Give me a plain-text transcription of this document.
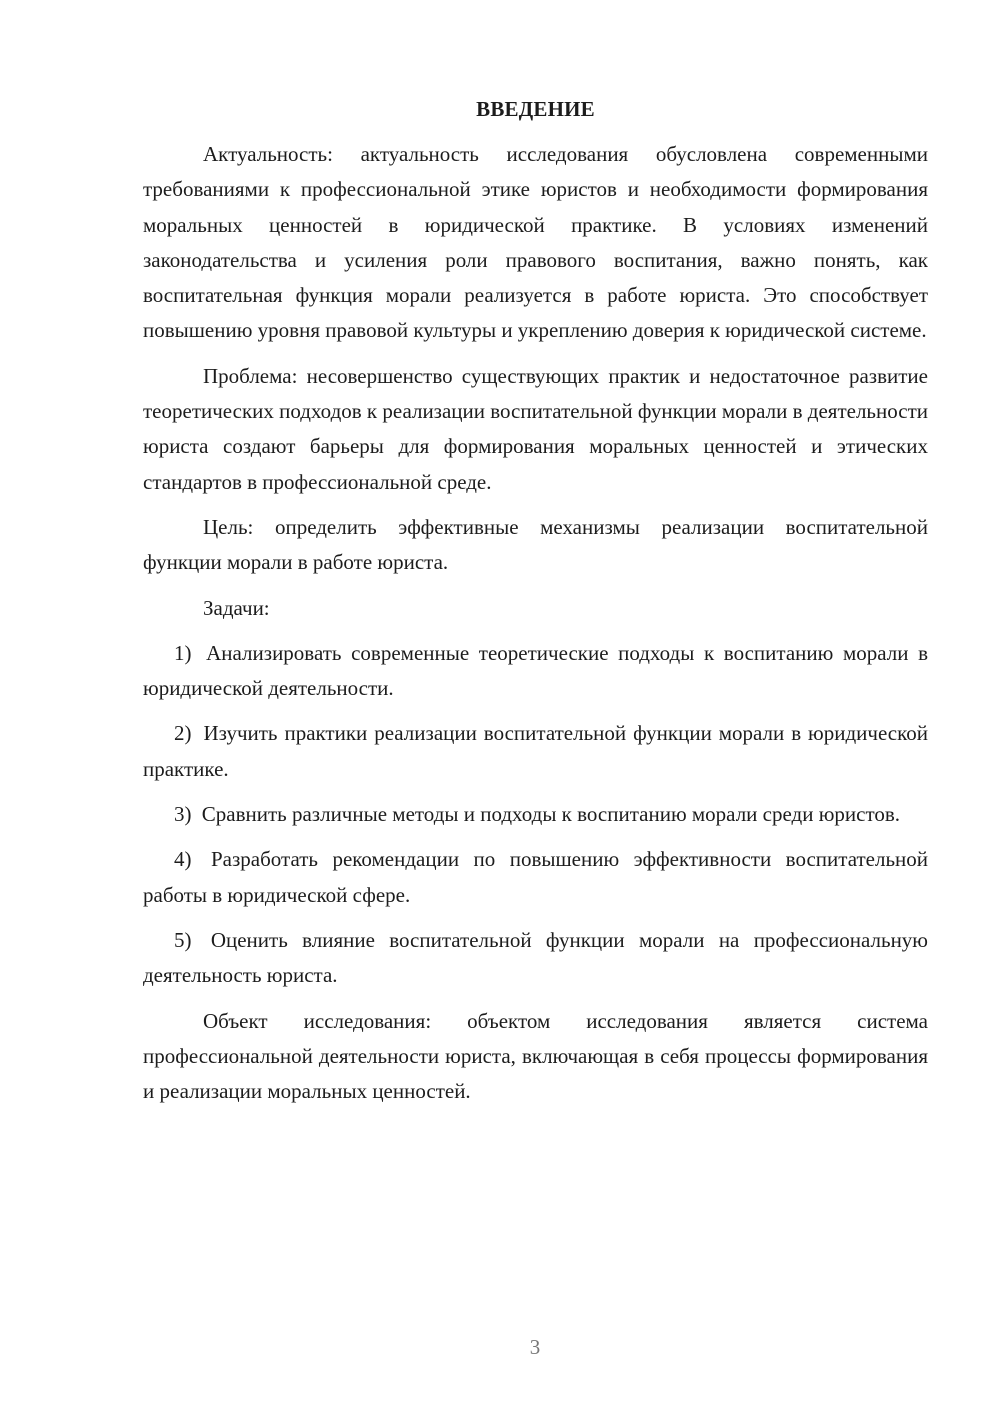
ВВЕДЕНИЕ

Актуальность: актуальность исследования обусловлена современными требованиями к профессиональной этике юристов и необходимости формирования моральных ценностей в юридической практике. В условиях изменений законодательства и усиления роли правового воспитания, важно понять, как воспитательная функция морали реализуется в работе юриста. Это способствует повышению уровня правовой культуры и укреплению доверия к юридической системе.

Проблема: несовершенство существующих практик и недостаточное развитие теоретических подходов к реализации воспитательной функции морали в деятельности юриста создают барьеры для формирования моральных ценностей и этических стандартов в профессиональной среде.

Цель: определить эффективные механизмы реализации воспитательной функции морали в работе юриста.

Задачи:

1) Анализировать современные теоретические подходы к воспитанию морали в юридической деятельности.

2) Изучить практики реализации воспитательной функции морали в юридической практике.

3) Сравнить различные методы и подходы к воспитанию морали среди юристов.

4) Разработать рекомендации по повышению эффективности воспитательной работы в юридической сфере.

5) Оценить влияние воспитательной функции морали на профессиональную деятельность юриста.

Объект исследования: объектом исследования является система профессиональной деятельности юриста, включающая в себя процессы формирования и реализации моральных ценностей.

3
